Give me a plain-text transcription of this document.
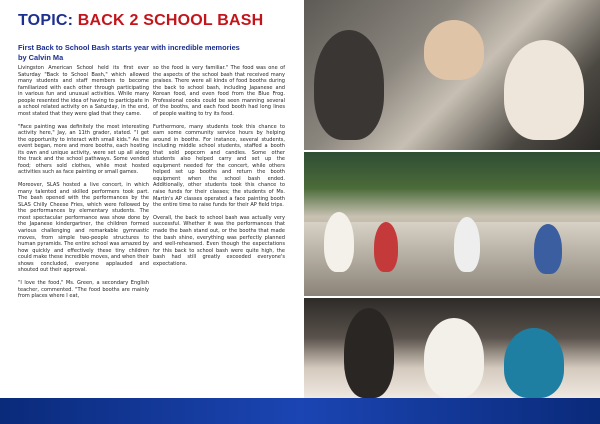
TOPIC: BACK 2 SCHOOL BASH
First Back to School Bash starts year with incredible memories
by Calvin Ma

Livingston American School held its first ever Saturday "Back to School Bash," which allowed many students and staff members to become familiarized with each other through participating in various fun and unusual activities. While many people resented the idea of having to participate in a school related activity on a Saturday, in the end, most stated that they were glad that they came.

"Face painting was definitely the most interesting activity here," Jay, an 11th grader, stated. "I get the opportunity to interact with small kids." As the event began, more and more booths, each hosting its own and unique activity, were set up all along the track and the school pathways. Some vended food; others sold clothes, while most hosted activities such as face painting or small games.

Moreover, SLAS hosted a live concert, in which many talented and skilled performers took part. The bash opened with the performances by the SLAS Chilly Cheese Fries, which were followed by the performances by elementary students. The most spectacular performance was show done by the Japanese kindergartner, the children formed various challenging and remarkable gymnastic moves, from simple two-people structures to human pyramids. The entire school was amazed by how quickly and effectively these tiny children could make these incredible moves, and when their shows concluded, everyone applauded and shouted out their approval.

"I love the food," Ms. Green, a secondary English teacher, commented. "The food booths are mainly from places where I eat,

so the food is very familiar." The food was one of the aspects of the school bash that received many praises. There were all kinds of food booths during the back to school bash, including Japanese and Korean food, and even food from the Blue Frog. Professional cooks could be seen manning several of the booths, and each food booth had long lines of people waiting to try its food.

Furthermore, many students took this chance to earn some community service hours by helping around in booths. For instance, several students, including middle school students, staffed a booth that sold popcorn and candies. Some other students also helped carry and set up the equipment needed for the concert, while others helped set up booths and return the booth equipment when the school bash ended. Additionally, other students took this chance to raise funds for their classes; the students of Ms. Martin's AP classes operated a face painting booth the entire time to raise funds for their AP field trips.

Overall, the back to school bash was actually very successful. Whether it was the performances that made the bash stand out, or the booths that made the bash shine, everything was perfectly planned and well-rehearsed. Even though the expectations for this back to school bash were quite high, the bash had still greatly exceeded everyone's expectations.
